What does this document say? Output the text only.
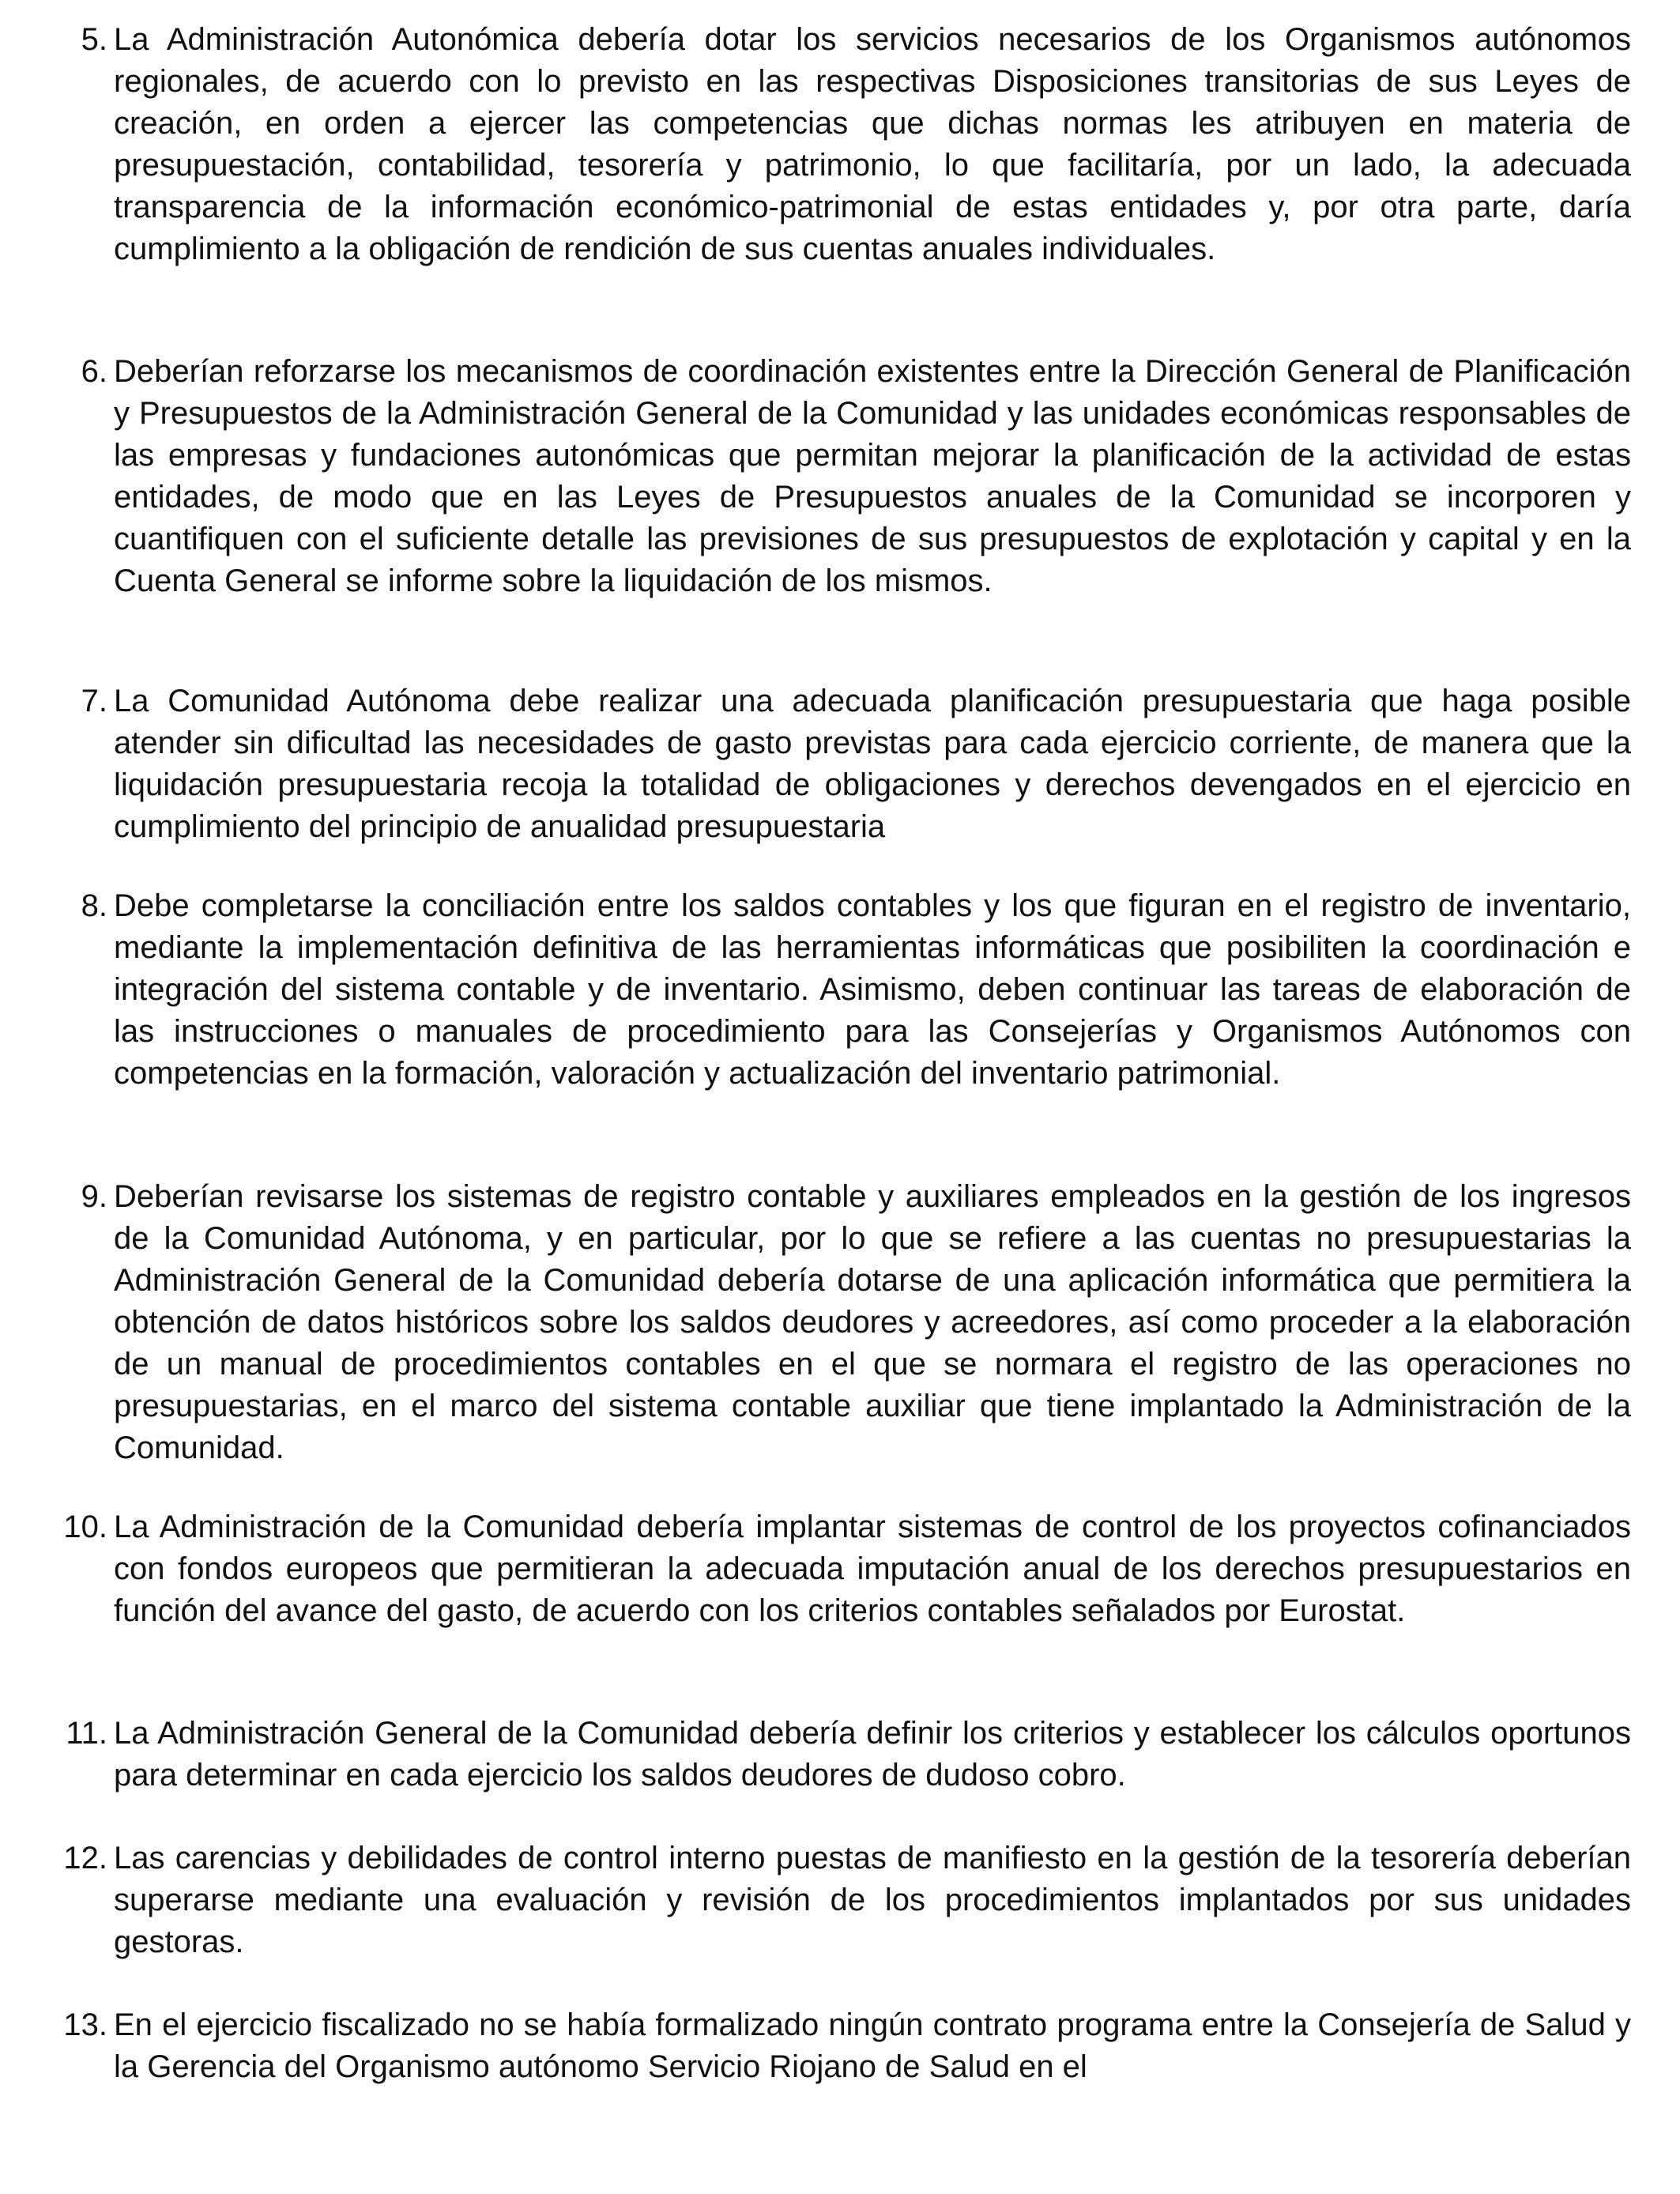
5. La Administración Autonómica debería dotar los servicios necesarios de los Organismos autónomos regionales, de acuerdo con lo previsto en las respectivas Disposiciones transitorias de sus Leyes de creación, en orden a ejercer las competencias que dichas normas les atribuyen en materia de presupuestación, contabilidad, tesorería y patrimonio, lo que facilitaría, por un lado, la adecuada transparencia de la información económico-patrimonial de estas entidades y, por otra parte, daría cumplimiento a la obligación de rendición de sus cuentas anuales individuales.
6. Deberían reforzarse los mecanismos de coordinación existentes entre la Dirección General de Planificación y Presupuestos de la Administración General de la Comunidad y las unidades económicas responsables de las empresas y fundaciones autonómicas que permitan mejorar la planificación de la actividad de estas entidades, de modo que en las Leyes de Presupuestos anuales de la Comunidad se incorporen y cuantifiquen con el suficiente detalle las previsiones de sus presupuestos de explotación y capital y en la Cuenta General se informe sobre la liquidación de los mismos.
7. La Comunidad Autónoma debe realizar una adecuada planificación presupuestaria que haga posible atender sin dificultad las necesidades de gasto previstas para cada ejercicio corriente, de manera que la liquidación presupuestaria recoja la totalidad de obligaciones y derechos devengados en el ejercicio en cumplimiento del principio de anualidad presupuestaria
8. Debe completarse la conciliación entre los saldos contables y los que figuran en el registro de inventario, mediante la implementación definitiva de las herramientas informáticas que posibiliten la coordinación e integración del sistema contable y de inventario. Asimismo, deben continuar las tareas de elaboración de las instrucciones o manuales de procedimiento para las Consejerías y Organismos Autónomos con competencias en la formación, valoración y actualización del inventario patrimonial.
9. Deberían revisarse los sistemas de registro contable y auxiliares empleados en la gestión de los ingresos de la Comunidad Autónoma, y en particular, por lo que se refiere a las cuentas no presupuestarias la Administración General de la Comunidad debería dotarse de una aplicación informática que permitiera la obtención de datos históricos sobre los saldos deudores y acreedores, así como proceder a la elaboración de un manual de procedimientos contables en el que se normara el registro de las operaciones no presupuestarias, en el marco del sistema contable auxiliar que tiene implantado la Administración de la Comunidad.
10. La Administración de la Comunidad debería implantar sistemas de control de los proyectos cofinanciados con fondos europeos que permitieran la adecuada imputación anual de los derechos presupuestarios en función del avance del gasto, de acuerdo con los criterios contables señalados por Eurostat.
11. La Administración General de la Comunidad debería definir los criterios y establecer los cálculos oportunos para determinar en cada ejercicio los saldos deudores de dudoso cobro.
12. Las carencias y debilidades de control interno puestas de manifiesto en la gestión de la tesorería deberían superarse mediante una evaluación y revisión de los procedimientos implantados por sus unidades gestoras.
13. En el ejercicio fiscalizado no se había formalizado ningún contrato programa entre la Consejería de Salud y la Gerencia del Organismo autónomo Servicio Riojano de Salud en el
